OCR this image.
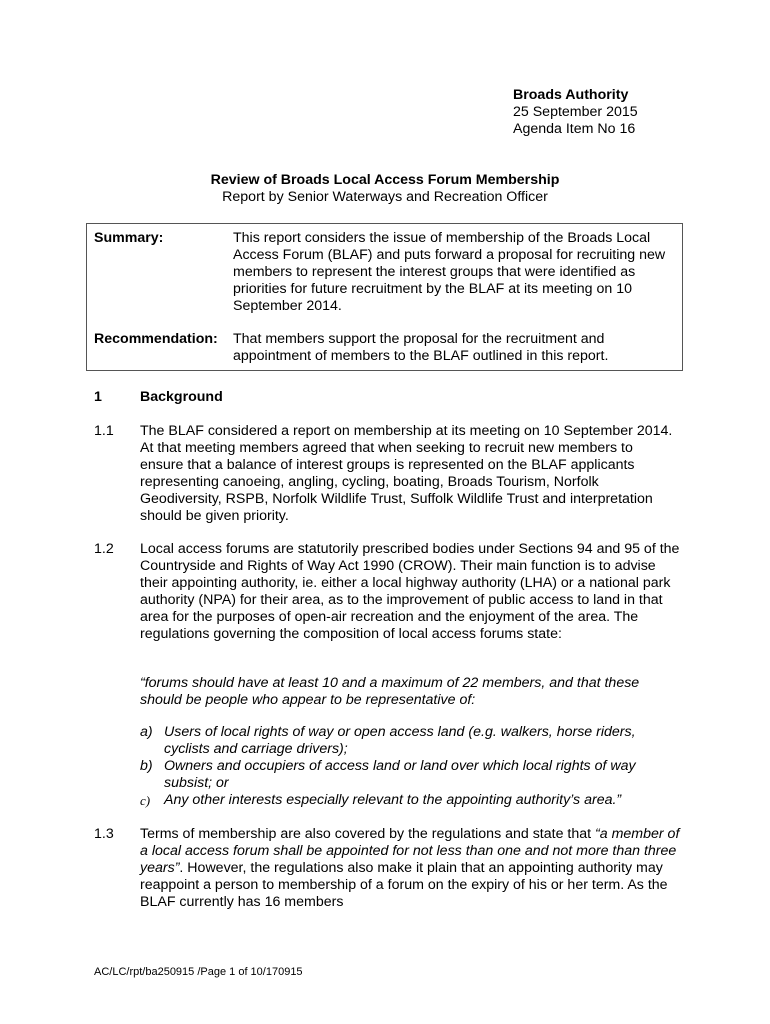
Broads Authority
25 September 2015
Agenda Item No 16
Review of Broads Local Access Forum Membership
Report by Senior Waterways and Recreation Officer
Summary:	This report considers the issue of membership of the Broads Local Access Forum (BLAF) and puts forward a proposal for recruiting new members to represent the interest groups that were identified as priorities for future recruitment by the BLAF at its meeting on 10 September 2014.
Recommendation: That members support the proposal for the recruitment and appointment of members to the BLAF outlined in this report.
1	Background
1.1 The BLAF considered a report on membership at its meeting on 10 September 2014. At that meeting members agreed that when seeking to recruit new members to ensure that a balance of interest groups is represented on the BLAF applicants representing canoeing, angling, cycling, boating, Broads Tourism, Norfolk Geodiversity, RSPB, Norfolk Wildlife Trust, Suffolk Wildlife Trust and interpretation should be given priority.
1.2 Local access forums are statutorily prescribed bodies under Sections 94 and 95 of the Countryside and Rights of Way Act 1990 (CROW). Their main function is to advise their appointing authority, ie. either a local highway authority (LHA) or a national park authority (NPA) for their area, as to the improvement of public access to land in that area for the purposes of open-air recreation and the enjoyment of the area. The regulations governing the composition of local access forums state:
“forums should have at least 10 and a maximum of 22 members, and that these should be people who appear to be representative of:
a) Users of local rights of way or open access land (e.g. walkers, horse riders, cyclists and carriage drivers);
b) Owners and occupiers of access land or land over which local rights of way subsist; or
c) Any other interests especially relevant to the appointing authority’s area.”
1.3 Terms of membership are also covered by the regulations and state that “a member of a local access forum shall be appointed for not less than one and not more than three years”. However, the regulations also make it plain that an appointing authority may reappoint a person to membership of a forum on the expiry of his or her term. As the BLAF currently has 16 members
AC/LC/rpt/ba250915 /Page 1 of 10/170915
